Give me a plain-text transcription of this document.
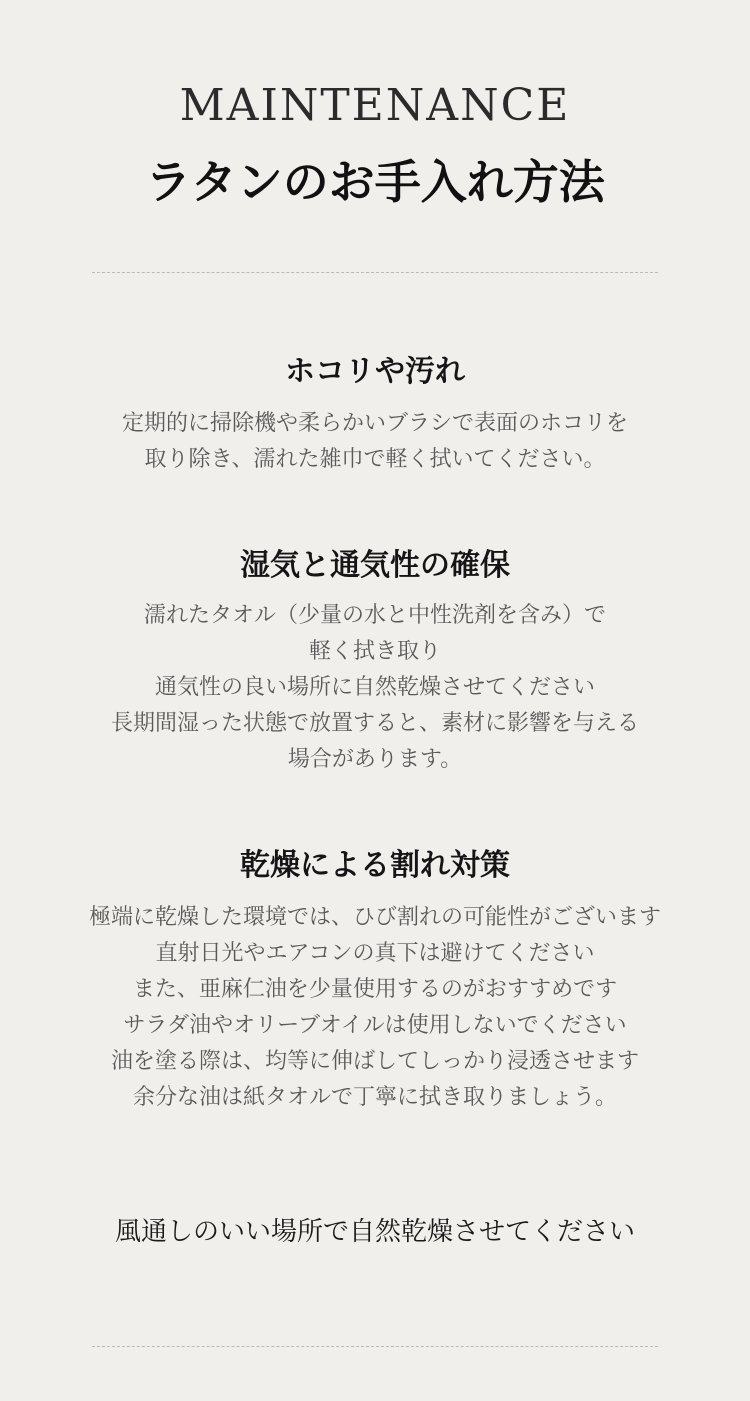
MAINTENANCE
ラタンのお手入れ方法
ホコリや汚れ
定期的に掃除機や柔らかいブラシで表面のホコリを
取り除き、濡れた雑巾で軽く拭いてください。
湿気と通気性の確保
濡れたタオル（少量の水と中性洗剤を含み）で
軽く拭き取り
通気性の良い場所に自然乾燥させてください
長期間湿った状態で放置すると、素材に影響を与える
場合があります。
乾燥による割れ対策
極端に乾燥した環境では、ひび割れの可能性がございます
直射日光やエアコンの真下は避けてください
また、亜麻仁油を少量使用するのがおすすめです
サラダ油やオリーブオイルは使用しないでください
油を塗る際は、均等に伸ばしてしっかり浸透させます
余分な油は紙タオルで丁寧に拭き取りましょう。
風通しのいい場所で自然乾燥させてください
